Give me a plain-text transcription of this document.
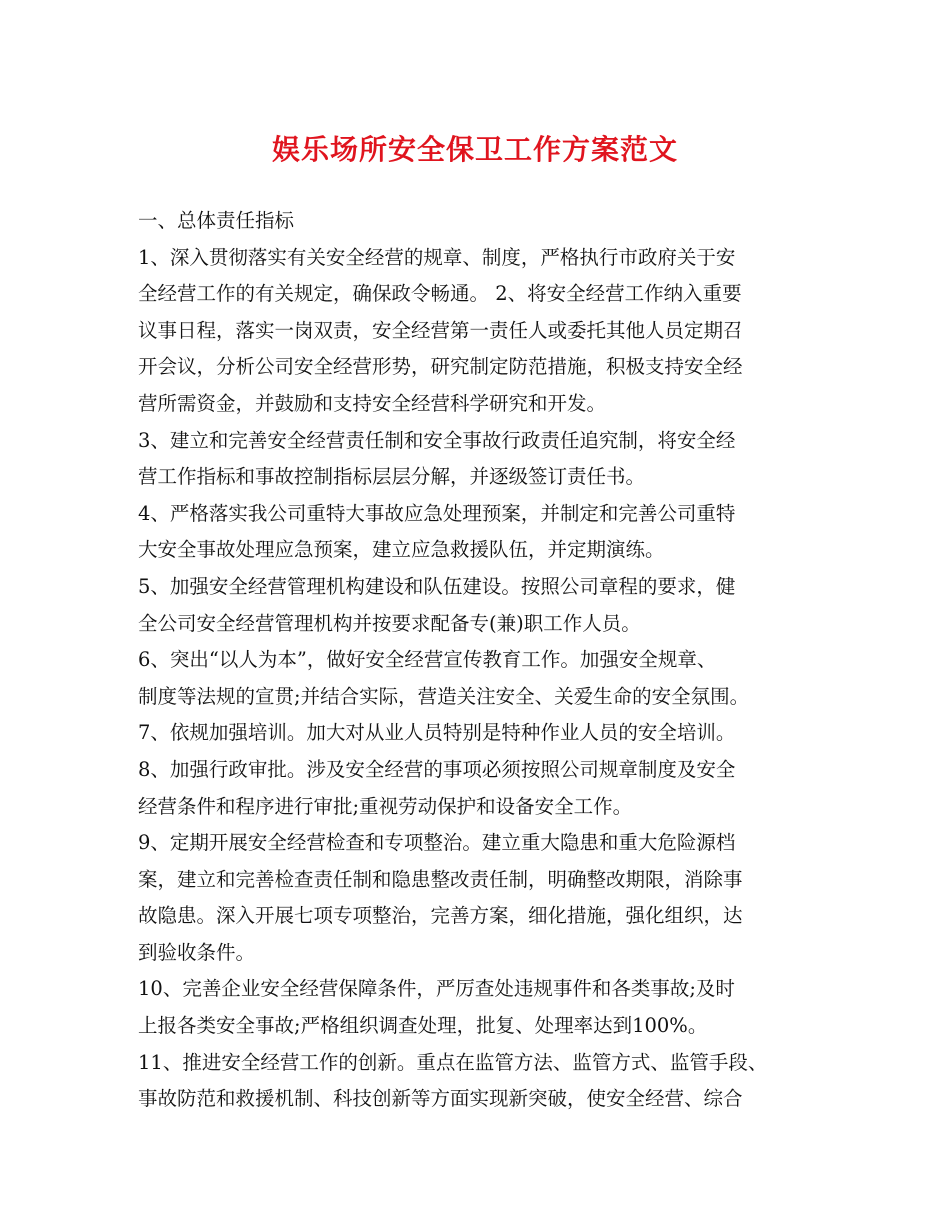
娱乐场所安全保卫工作方案范文
一、总体责任指标
1、深入贯彻落实有关安全经营的规章、制度，严格执行市政府关于安
全经营工作的有关规定，确保政令畅通。 2、将安全经营工作纳入重要
议事日程，落实一岗双责，安全经营第一责任人或委托其他人员定期召
开会议，分析公司安全经营形势，研究制定防范措施，积极支持安全经
营所需资金，并鼓励和支持安全经营科学研究和开发。
3、建立和完善安全经营责任制和安全事故行政责任追究制，将安全经
营工作指标和事故控制指标层层分解，并逐级签订责任书。
4、严格落实我公司重特大事故应急处理预案，并制定和完善公司重特
大安全事故处理应急预案，建立应急救援队伍，并定期演练。
5、加强安全经营管理机构建设和队伍建设。按照公司章程的要求，健
全公司安全经营管理机构并按要求配备专(兼)职工作人员。
6、突出“以人为本”，做好安全经营宣传教育工作。加强安全规章、
制度等法规的宣贯;并结合实际，营造关注安全、关爱生命的安全氛围。
7、依规加强培训。加大对从业人员特别是特种作业人员的安全培训。
8、加强行政审批。涉及安全经营的事项必须按照公司规章制度及安全
经营条件和程序进行审批;重视劳动保护和设备安全工作。
9、定期开展安全经营检查和专项整治。建立重大隐患和重大危险源档
案，建立和完善检查责任制和隐患整改责任制，明确整改期限，消除事
故隐患。深入开展七项专项整治，完善方案，细化措施，强化组织，达
到验收条件。
10、完善企业安全经营保障条件，严厉查处违规事件和各类事故;及时
上报各类安全事故;严格组织调查处理，批复、处理率达到100%。
11、推进安全经营工作的创新。重点在监管方法、监管方式、监管手段、
事故防范和救援机制、科技创新等方面实现新突破，使安全经营、综合
